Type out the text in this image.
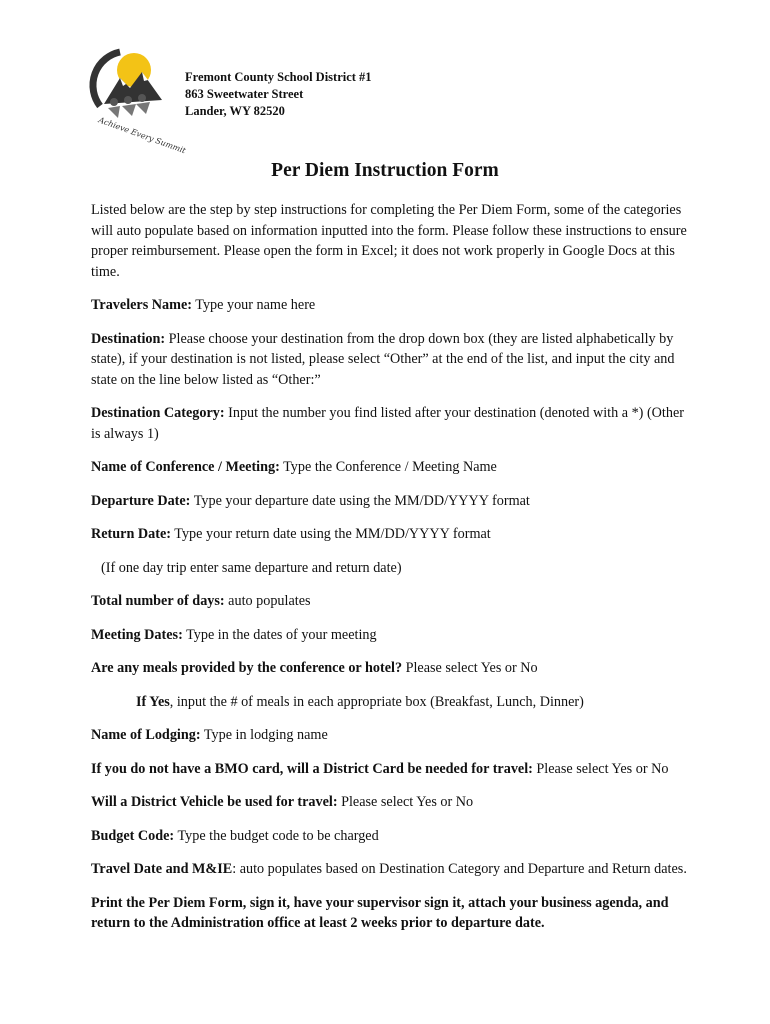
Achieve Every Summit
Fremont County School District #1
863 Sweetwater Street
Lander, WY 82520
Per Diem Instruction Form

Listed below are the step by step instructions for completing the Per Diem Form, some of the categories will auto populate based on information inputted into the form. Please follow these instructions to ensure proper reimbursement. Please open the form in Excel; it does not work properly in Google Docs at this time.

Travelers Name: Type your name here

Destination: Please choose your destination from the drop down box (they are listed alphabetically by state), if your destination is not listed, please select “Other” at the end of the list, and input the city and state on the line below listed as “Other:”

Destination Category: Input the number you find listed after your destination (denoted with a *) (Other is always 1)

Name of Conference / Meeting: Type the Conference / Meeting Name

Departure Date: Type your departure date using the MM/DD/YYYY format

Return Date: Type your return date using the MM/DD/YYYY format

(If one day trip enter same departure and return date)

Total number of days: auto populates

Meeting Dates: Type in the dates of your meeting

Are any meals provided by the conference or hotel? Please select Yes or No

If Yes, input the # of meals in each appropriate box (Breakfast, Lunch, Dinner)

Name of Lodging: Type in lodging name

If you do not have a BMO card, will a District Card be needed for travel: Please select Yes or No

Will a District Vehicle be used for travel: Please select Yes or No

Budget Code: Type the budget code to be charged

Travel Date and M&IE: auto populates based on Destination Category and Departure and Return dates.

Print the Per Diem Form, sign it, have your supervisor sign it, attach your business agenda, and return to the Administration office at least 2 weeks prior to departure date.
